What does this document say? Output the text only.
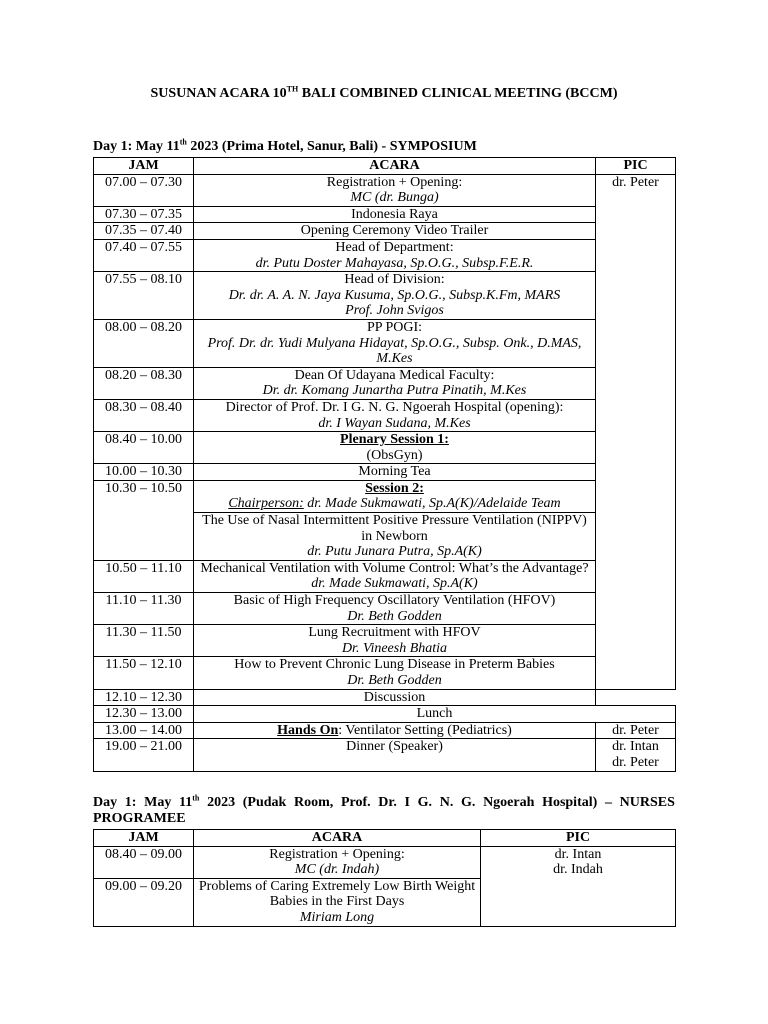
SUSUNAN ACARA 10TH BALI COMBINED CLINICAL MEETING (BCCM)
Day 1: May 11th 2023 (Prima Hotel, Sanur, Bali) - SYMPOSIUM
JAM	ACARA	PIC
07.00 – 07.30	Registration + Opening:
MC (dr. Bunga)	dr. Peter
07.30 – 07.35	Indonesia Raya	
07.35 – 07.40	Opening Ceremony Video Trailer	
07.40 – 07.55	Head of Department:
dr. Putu Doster Mahayasa, Sp.O.G., Subsp.F.E.R.	

07.55 – 08.10	Head of Division:
Dr. dr. A. A. N. Jaya Kusuma, Sp.O.G., Subsp.K.Fm, MARS
Prof. John Svigos	

08.00 – 08.20	PP POGI:
Prof. Dr. dr. Yudi Mulyana Hidayat, Sp.O.G., Subsp. Onk., D.MAS, M.Kes	

08.20 – 08.30	Dean Of Udayana Medical Faculty:
Dr. dr. Komang Junartha Putra Pinatih, M.Kes	

08.30 – 08.40	Director of Prof. Dr. I G. N. G. Ngoerah Hospital (opening):
dr. I Wayan Sudana, M.Kes	

08.40 – 10.00	Plenary Session 1:
(ObsGyn)	

10.00 – 10.30	Morning Tea	
10.30 – 10.50	Session 2:
Chairperson: dr. Made Sukmawati, Sp.A(K)/Adelaide Team	

	The Use of Nasal Intermittent Positive Pressure Ventilation (NIPPV) in Newborn
dr. Putu Junara Putra, Sp.A(K)	

10.50 – 11.10	Mechanical Ventilation with Volume Control: What’s the Advantage?
dr. Made Sukmawati, Sp.A(K)	

11.10 – 11.30	Basic of High Frequency Oscillatory Ventilation (HFOV)
Dr. Beth Godden	

11.30 – 11.50	Lung Recruitment with HFOV
Dr. Vineesh Bhatia	

11.50 – 12.10	How to Prevent Chronic Lung Disease in Preterm Babies
Dr. Beth Godden	

12.10 – 12.30	Discussion	
12.30 – 13.00	Lunch	
13.00 – 14.00	Hands On: Ventilator Setting (Pediatrics)	dr. Peter
19.00 – 21.00	Dinner (Speaker)	dr. Intan
dr. Peter
Day 1: May 11th 2023 (Pudak Room, Prof. Dr. I G. N. G. Ngoerah Hospital) – NURSES
PROGRAMEE
JAM	ACARA	PIC
08.40 – 09.00	Registration + Opening:
MC (dr. Indah)	dr. Intan
dr. Indah

09.00 – 09.20	Problems of Caring Extremely Low Birth Weight Babies in the First Days
Miriam Long	
